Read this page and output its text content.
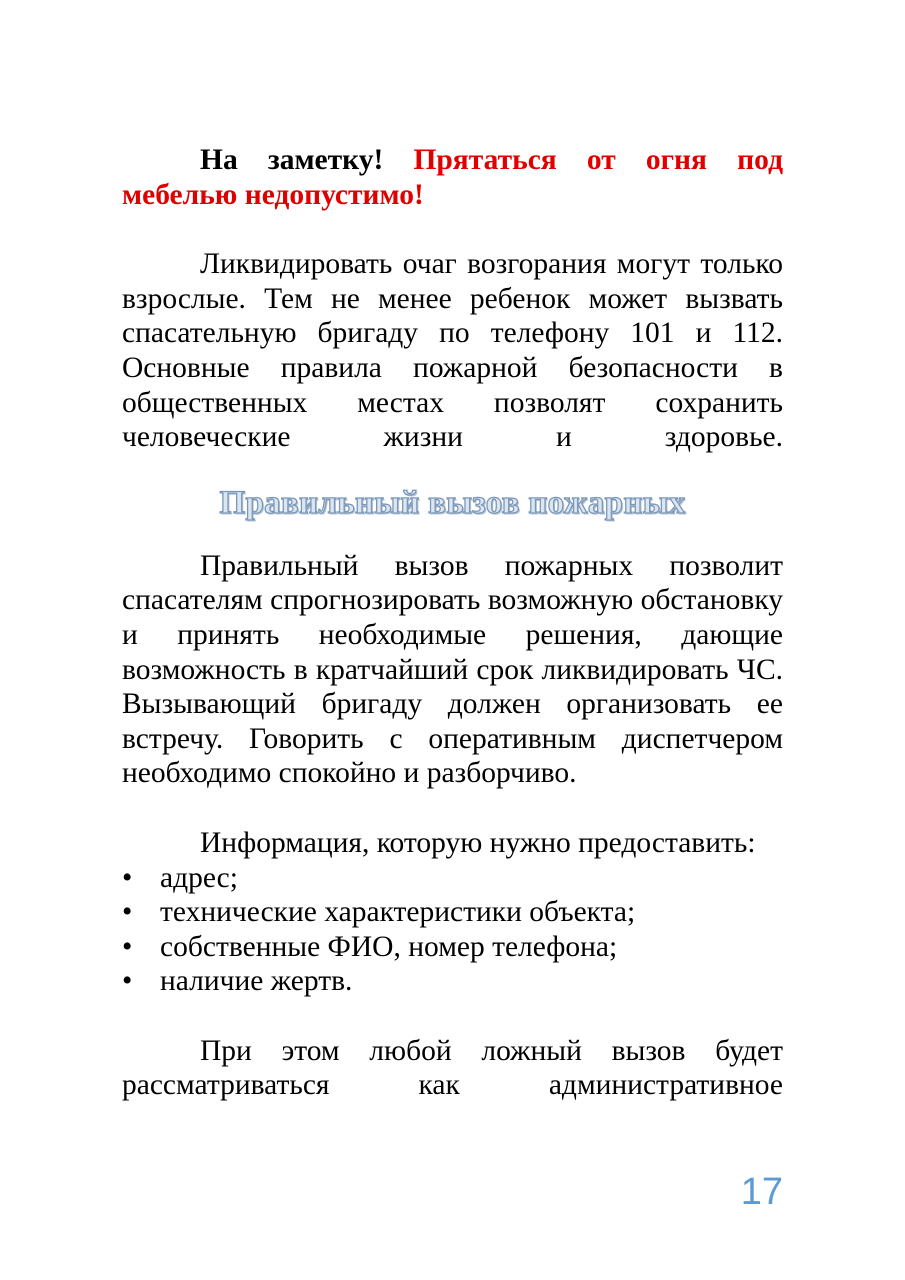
На заметку! Прятаться от огня под мебелью недопустимо!

Ликвидировать очаг возгорания могут только взрослые. Тем не менее ребенок может вызвать спасательную бригаду по телефону 101 и 112. Основные правила пожарной безопасности в общественных местах позволят сохранить человеческие жизни и здоровье.

Правильный вызов пожарных

Правильный вызов пожарных позволит спасателям спрогнозировать возможную обстановку и принять необходимые решения, дающие возможность в кратчайший срок ликвидировать ЧС. Вызывающий бригаду должен организовать ее встречу. Говорить с оперативным диспетчером необходимо спокойно и разборчиво.

Информация, которую нужно предоставить:

• адрес;
• технические характеристики объекта;
• собственные ФИО, номер телефона;
• наличие жертв.

При этом любой ложный вызов будет рассматриваться как административное

17
